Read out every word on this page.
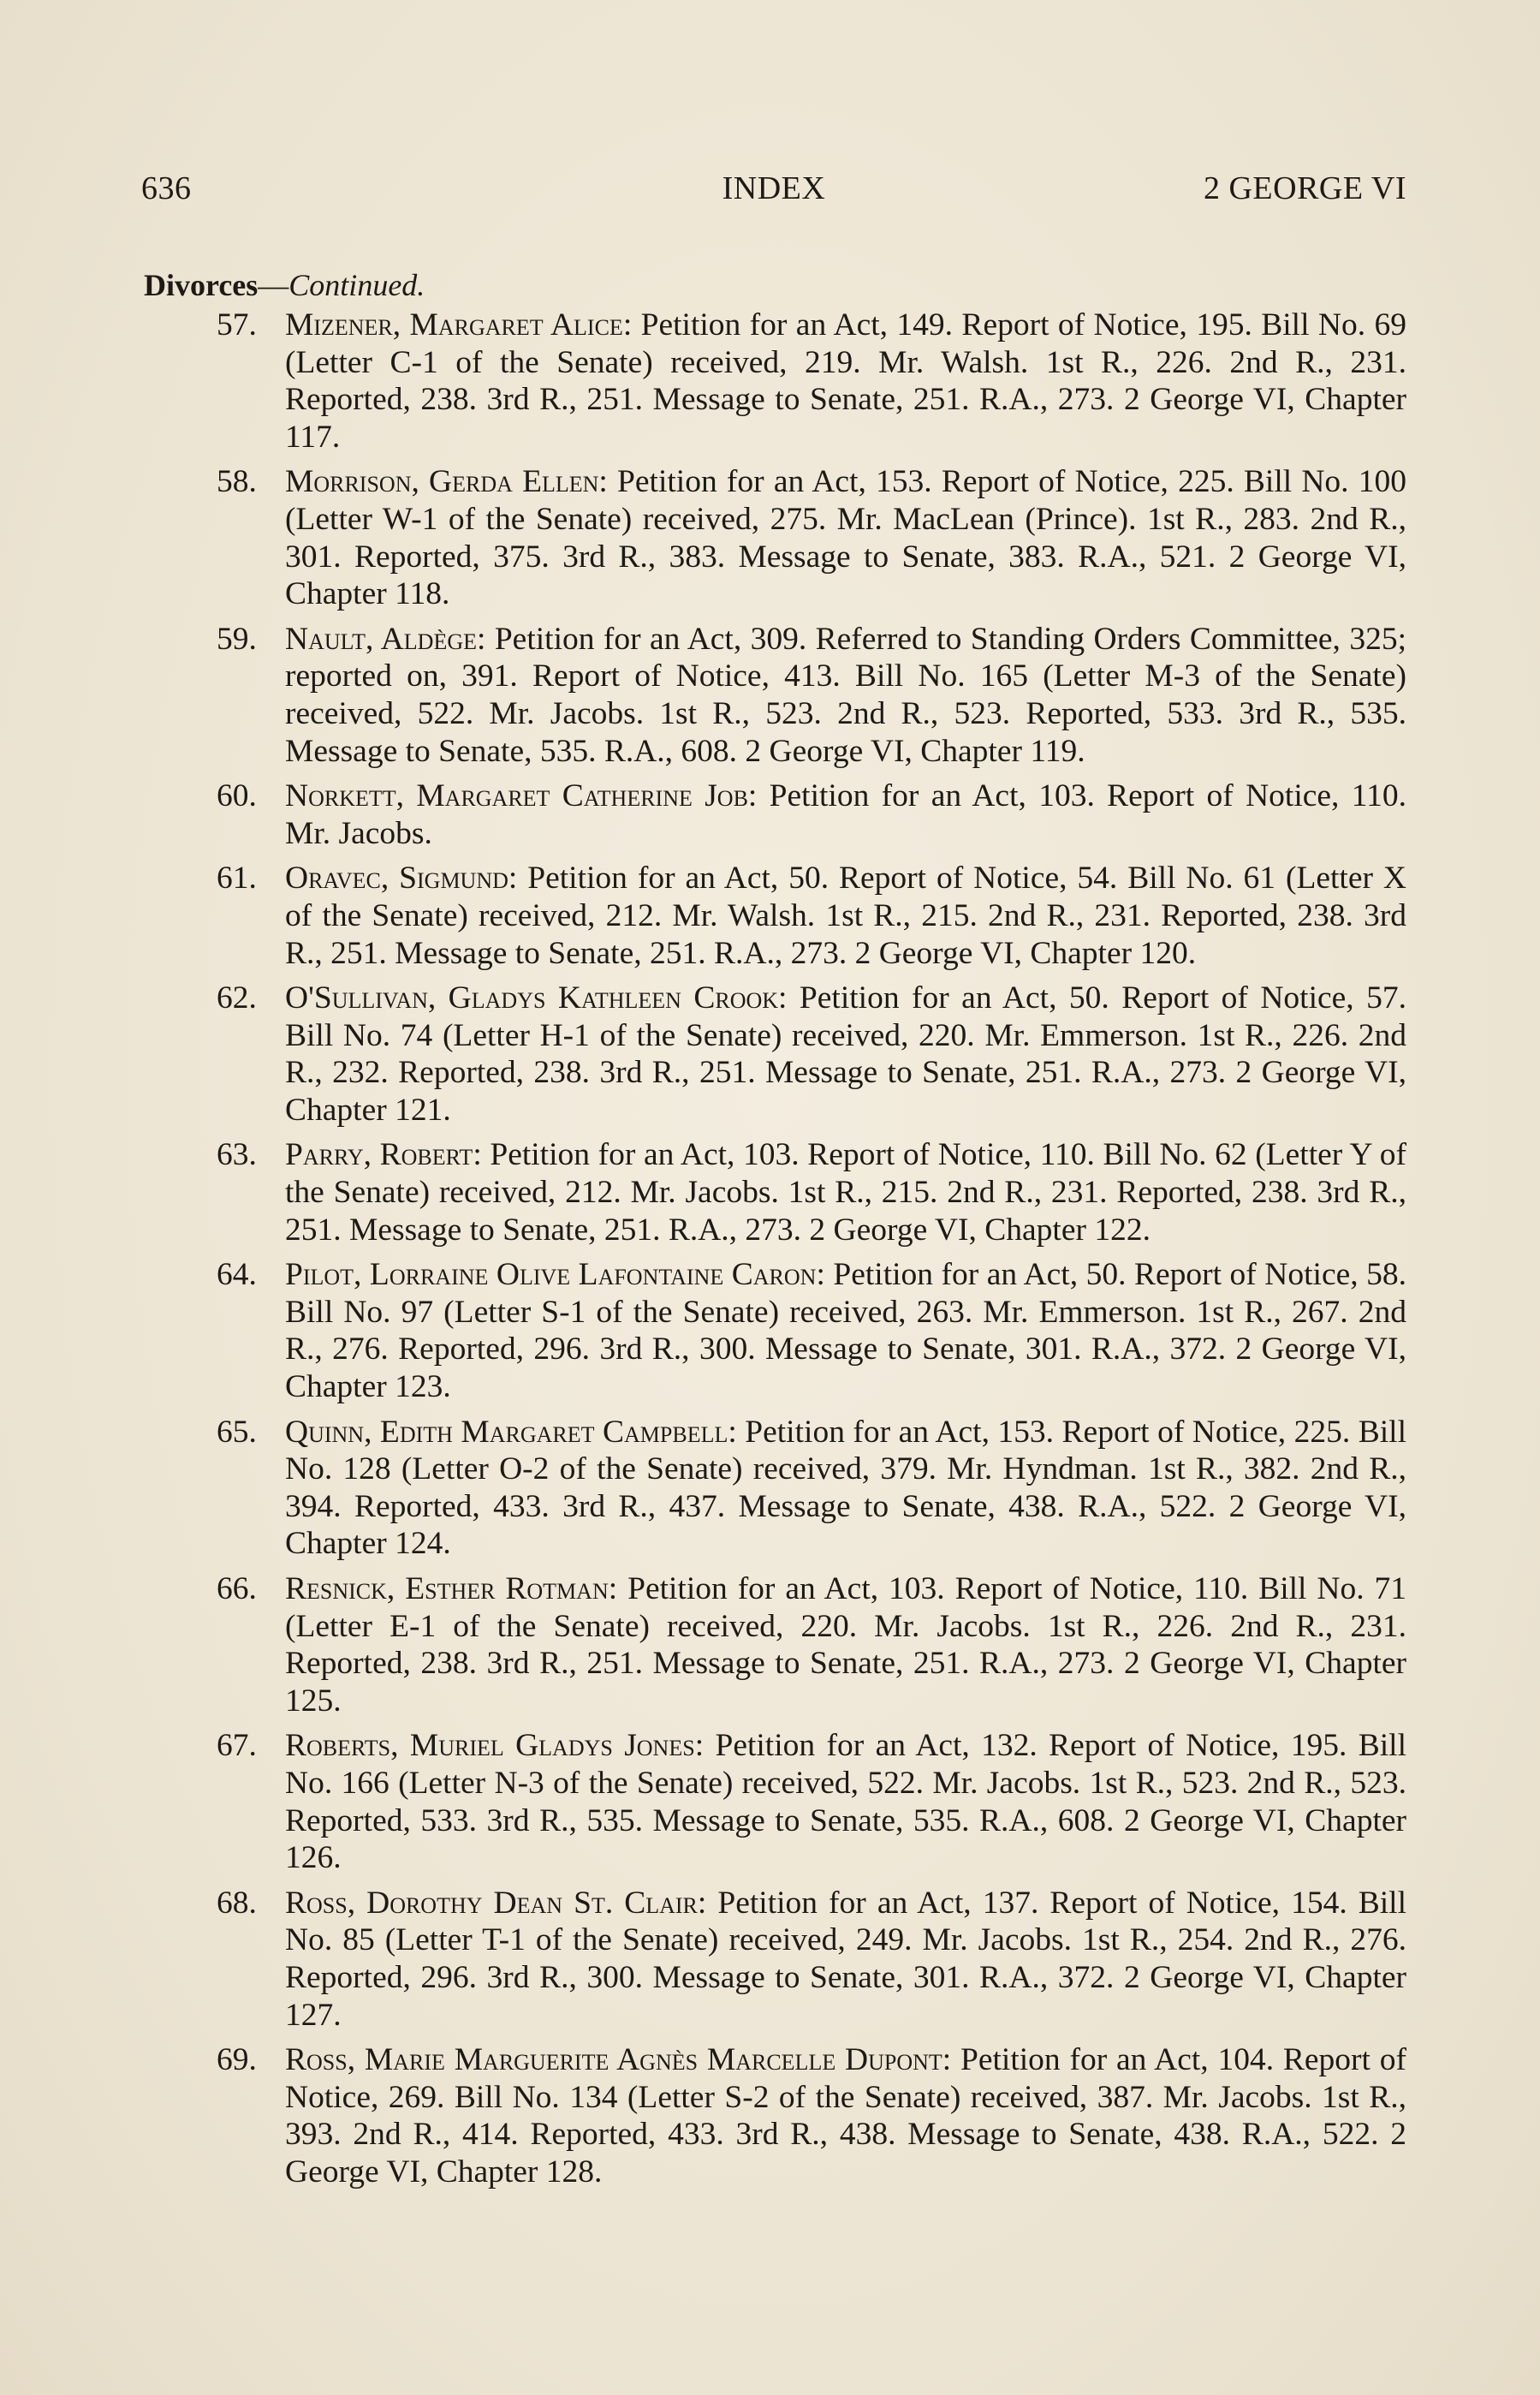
636	INDEX	2 GEORGE VI
Divorces—Continued.
57. Mizener, Margaret Alice: Petition for an Act, 149. Report of Notice, 195. Bill No. 69 (Letter C-1 of the Senate) received, 219. Mr. Walsh. 1st R., 226. 2nd R., 231. Reported, 238. 3rd R., 251. Message to Senate, 251. R.A., 273. 2 George VI, Chapter 117.
58. Morrison, Gerda Ellen: Petition for an Act, 153. Report of Notice, 225. Bill No. 100 (Letter W-1 of the Senate) received, 275. Mr. MacLean (Prince). 1st R., 283. 2nd R., 301. Reported, 375. 3rd R., 383. Message to Senate, 383. R.A., 521. 2 George VI, Chapter 118.
59. Nault, Aldège: Petition for an Act, 309. Referred to Standing Orders Committee, 325; reported on, 391. Report of Notice, 413. Bill No. 165 (Letter M-3 of the Senate) received, 522. Mr. Jacobs. 1st R., 523. 2nd R., 523. Reported, 533. 3rd R., 535. Message to Senate, 535. R.A., 608. 2 George VI, Chapter 119.
60. Norkett, Margaret Catherine Job: Petition for an Act, 103. Report of Notice, 110. Mr. Jacobs.
61. Oravec, Sigmund: Petition for an Act, 50. Report of Notice, 54. Bill No. 61 (Letter X of the Senate) received, 212. Mr. Walsh. 1st R., 215. 2nd R., 231. Reported, 238. 3rd R., 251. Message to Senate, 251. R.A., 273. 2 George VI, Chapter 120.
62. O'Sullivan, Gladys Kathleen Crook: Petition for an Act, 50. Report of Notice, 57. Bill No. 74 (Letter H-1 of the Senate) received, 220. Mr. Emmerson. 1st R., 226. 2nd R., 232. Reported, 238. 3rd R., 251. Message to Senate, 251. R.A., 273. 2 George VI, Chapter 121.
63. Parry, Robert: Petition for an Act, 103. Report of Notice, 110. Bill No. 62 (Letter Y of the Senate) received, 212. Mr. Jacobs. 1st R., 215. 2nd R., 231. Reported, 238. 3rd R., 251. Message to Senate, 251. R.A., 273. 2 George VI, Chapter 122.
64. Pilot, Lorraine Olive Lafontaine Caron: Petition for an Act, 50. Report of Notice, 58. Bill No. 97 (Letter S-1 of the Senate) received, 263. Mr. Emmerson. 1st R., 267. 2nd R., 276. Reported, 296. 3rd R., 300. Message to Senate, 301. R.A., 372. 2 George VI, Chapter 123.
65. Quinn, Edith Margaret Campbell: Petition for an Act, 153. Report of Notice, 225. Bill No. 128 (Letter O-2 of the Senate) received, 379. Mr. Hyndman. 1st R., 382. 2nd R., 394. Reported, 433. 3rd R., 437. Message to Senate, 438. R.A., 522. 2 George VI, Chapter 124.
66. Resnick, Esther Rotman: Petition for an Act, 103. Report of Notice, 110. Bill No. 71 (Letter E-1 of the Senate) received, 220. Mr. Jacobs. 1st R., 226. 2nd R., 231. Reported, 238. 3rd R., 251. Message to Senate, 251. R.A., 273. 2 George VI, Chapter 125.
67. Roberts, Muriel Gladys Jones: Petition for an Act, 132. Report of Notice, 195. Bill No. 166 (Letter N-3 of the Senate) received, 522. Mr. Jacobs. 1st R., 523. 2nd R., 523. Reported, 533. 3rd R., 535. Message to Senate, 535. R.A., 608. 2 George VI, Chapter 126.
68. Ross, Dorothy Dean St. Clair: Petition for an Act, 137. Report of Notice, 154. Bill No. 85 (Letter T-1 of the Senate) received, 249. Mr. Jacobs. 1st R., 254. 2nd R., 276. Reported, 296. 3rd R., 300. Message to Senate, 301. R.A., 372. 2 George VI, Chapter 127.
69. Ross, Marie Marguerite Agnès Marcelle Dupont: Petition for an Act, 104. Report of Notice, 269. Bill No. 134 (Letter S-2 of the Senate) received, 387. Mr. Jacobs. 1st R., 393. 2nd R., 414. Reported, 433. 3rd R., 438. Message to Senate, 438. R.A., 522. 2 George VI, Chapter 128.
